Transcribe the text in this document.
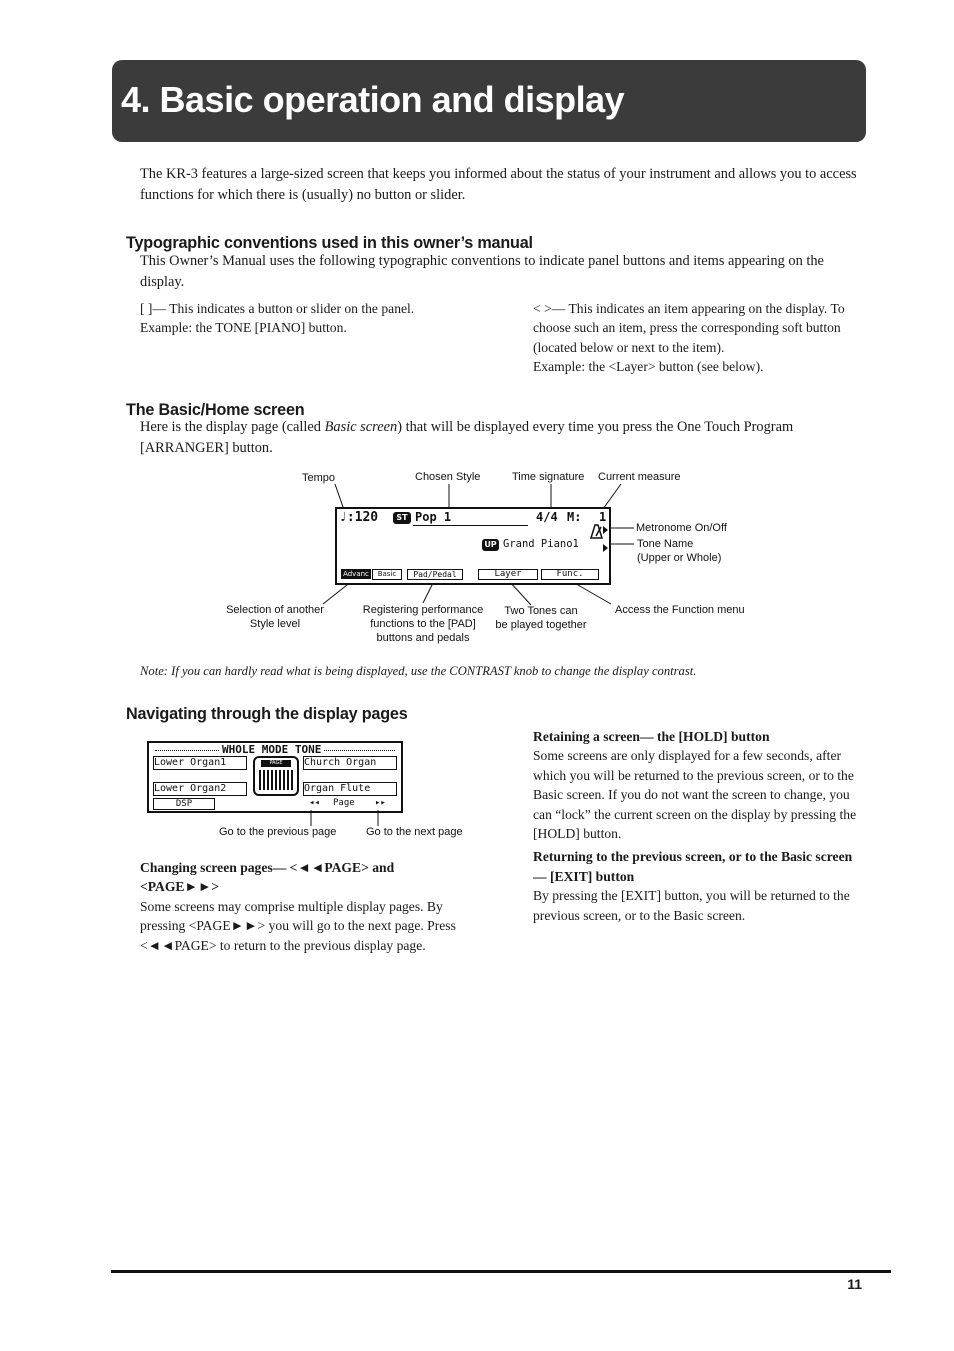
4. Basic operation and display
The KR-3 features a large-sized screen that keeps you informed about the status of your instrument and allows you to access functions for which there is (usually) no button or slider.
Typographic conventions used in this owner’s manual
This Owner’s Manual uses the following typographic conventions to indicate panel buttons and items appearing on the display.
[ ]— This indicates a button or slider on the panel.
Example: the TONE [PIANO] button.
< >— This indicates an item appearing on the display. To choose such an item, press the corresponding soft button (located below or next to the item).
Example: the <Layer> button (see below).
The Basic/Home screen
Here is the display page (called Basic screen) that will be displayed every time you press the One Touch Program [ARRANGER] button.
Tempo	Chosen Style	Time signature Current measure
Metronome On/Off
Tone Name
(Upper or Whole)
Selection of another
Style level
Registering performance
functions to the [PAD]
buttons and pedals
Two Tones can
be played together
Access the Function menu
♩:120	ST Pop 1	4/4 M: 1
UP Grand Piano1
Advanc	Basic	Pad/Pedal	Layer	Func.
Note: If you can hardly read what is being displayed, use the CONTRAST knob to change the display contrast.
Navigating through the display pages
WHOLE MODE TONE
Lower Organ1
Lower Organ2
Church Organ
Organ Flute
PAGE
DSP	◂◂ Page ▸▸
Go to the previous page	Go to the next page
Changing screen pages— <◄◄PAGE> and
<PAGE►►>
Some screens may comprise multiple display pages. By pressing <PAGE►►> you will go to the next page. Press <◄◄PAGE> to return to the previous display page.
Retaining a screen— the [HOLD] button
Some screens are only displayed for a few seconds, after which you will be returned to the previous screen, or to the Basic screen. If you do not want the screen to change, you can “lock” the current screen on the display by pressing the [HOLD] button.
Returning to the previous screen, or to the Basic screen— [EXIT] button
By pressing the [EXIT] button, you will be returned to the previous screen, or to the Basic screen.
11
